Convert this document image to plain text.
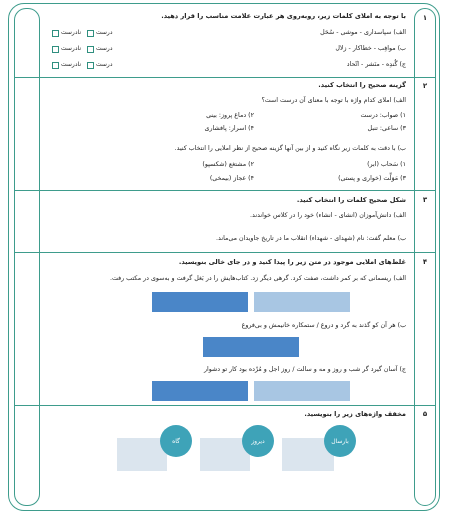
۱
با توجه به املای کلمات زیر، روبه‌روی هر عبارت علامت مناسب را قرار دهید.
الف) سپاسداری - موشی - سُحَل
ب) موافِب - خطاکار - زلال
ج) گُندِه - منَشر - اتّحاد
نادرست	درست
نادرست	درست
نادرست	درست
۲
گزینه صحیح را انتخاب کنید.
الف) املای کدام واژه با توجه با معنای آن درست است؟
۱) صواب: درست
۲) دماغ پروز: بینی
۳) ساعی: تنبل
۴) اسرار: پافشاری
ب) با دقت به کلمات زیر نگاه کنید و از بین آنها گزینه صحیح از نظر املایی را انتخاب کنید.
۱) سَحاب (ابر)
۲) مشتغع (شکسپو)
۳) مَوَلِّت (خواری و پستی)
۴) عجاز (بیمخی)
۳
شکل صحیح کلمات را انتخاب کنید.
الف) دانش‌آموزان (انشای - انشاء) خود را در کلاس خواندند.
ب) معلم گفت: نام (شهدای - شهداء) انقلاب ما در تاریخ جاویدان می‌ماند.
۴
غلط‌های املایی موجود در متن زیر را پیدا کنید و در جای خالی بنویسید.
الف) ریسمانی که بر کمر داشت، صفت کرد. گرهی دیگر زد. کتاب‌هایش را در بَغل گرفت و به‌سوی در مکتب رفت.
ب) هر آن کو گذند به گرد و دروغ / ستمکاره خانیمش و بی‌فروغ
ج) آسان گیرد گر شب و روز و مه و سالت / روز اجل و مُرْده بود کار تو دشوار
۵
مخفف واژه‌های زیر را بنویسید.
بارسال
دیروز
گاه
